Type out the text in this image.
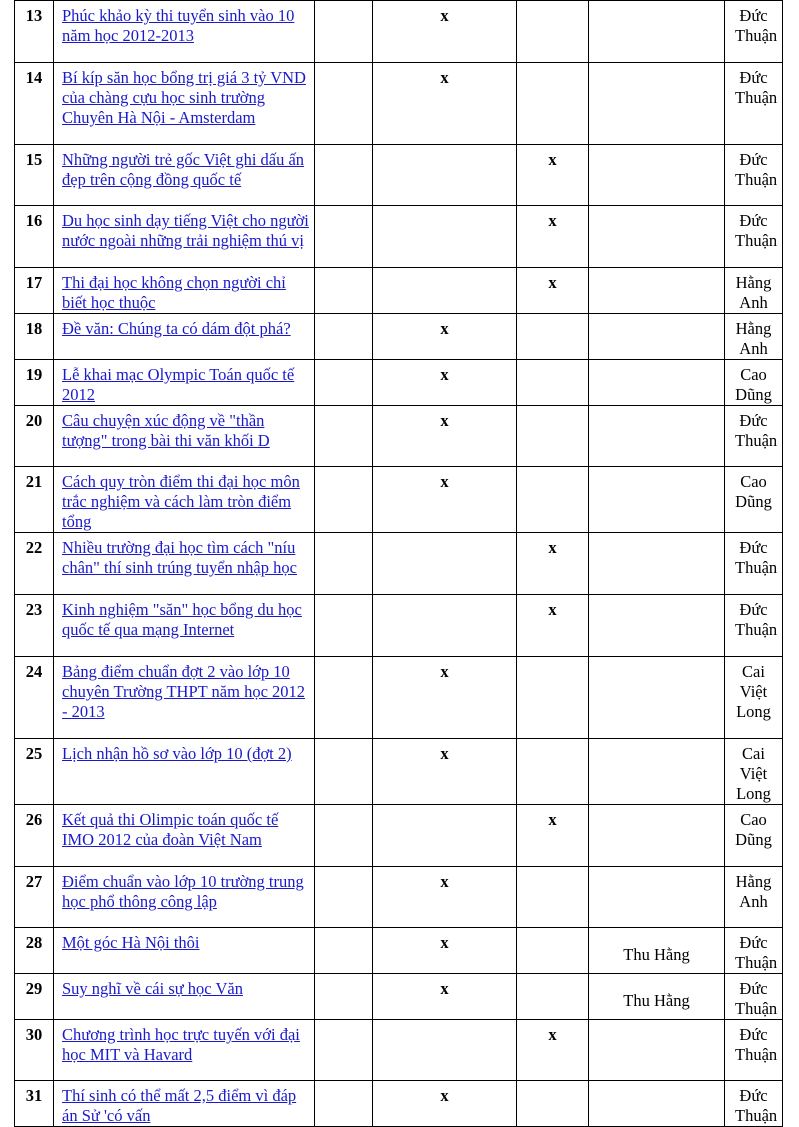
13	Phúc khảo kỳ thi tuyển sinh vào 10 năm học 2012-2013		x			Đức Thuận
14	Bí kíp săn học bổng trị giá 3 tỷ VND của chàng cựu học sinh trường Chuyên Hà Nội - Amsterdam		x			Đức Thuận
15	Những người trẻ gốc Việt ghi dấu ấn đẹp trên cộng đồng quốc tế			x		Đức Thuận
16	Du học sinh dạy tiếng Việt cho người nước ngoài những trải nghiệm thú vị			x		Đức Thuận
17	Thi đại học không chọn người chỉ biết học thuộc			x		Hằng Anh
18	Đề văn: Chúng ta có dám đột phá?		x			Hằng Anh
19	Lễ khai mạc Olympic Toán quốc tế 2012		x			Cao Dũng
20	Câu chuyện xúc động về "thần tượng" trong bài thi văn khối D		x			Đức Thuận
21	Cách quy tròn điểm thi đại học môn trắc nghiệm và cách làm tròn điểm tổng		x			Cao Dũng
22	Nhiều trường đại học tìm cách "níu chân" thí sinh trúng tuyển nhập học			x		Đức Thuận
23	Kinh nghiệm "săn" học bổng du học quốc tế qua mạng Internet			x		Đức Thuận
24	Bảng điểm chuẩn đợt 2 vào lớp 10 chuyên Trường THPT năm học 2012 - 2013		x			Cai Việt Long
25	Lịch nhận hồ sơ vào lớp 10 (đợt 2)		x			Cai Việt Long
26	Kết quả thi Olimpic toán quốc tế IMO 2012 của đoàn Việt Nam			x		Cao Dũng
27	Điểm chuẩn vào lớp 10 trường trung học phổ thông công lập		x			Hằng Anh
28	Một góc Hà Nội thôi		x		Thu Hằng	Đức Thuận
29	Suy nghĩ về cái sự học Văn		x		Thu Hằng	Đức Thuận
30	Chương trình học trực tuyến với đại học MIT và Havard			x		Đức Thuận
31	Thí sinh có thể mất 2,5 điểm vì đáp án Sử 'có vấn		x			Đức Thuận
